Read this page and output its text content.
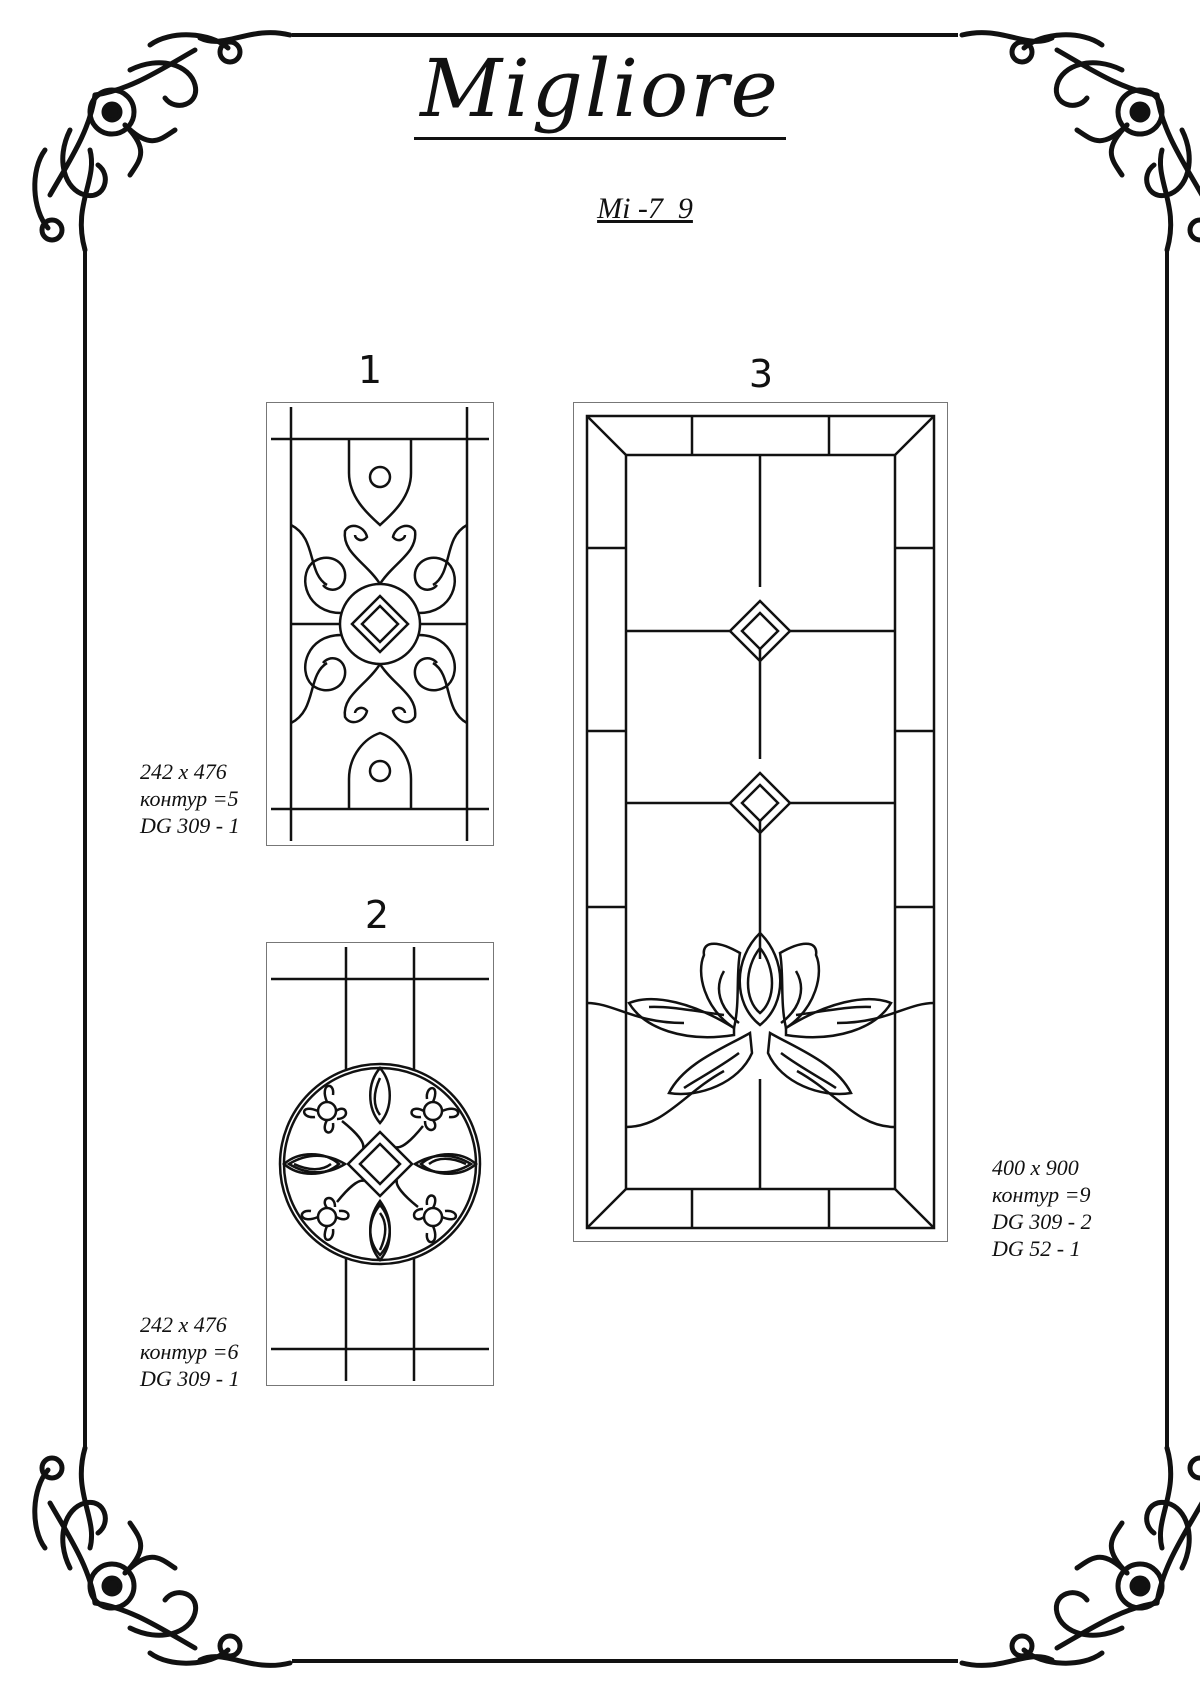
Migliore
Mi -7  9
1
242 x 476
контур =5
DG 309 - 1
2
242 x 476
контур =6
DG 309 - 1
3
400 x 900
контур =9
DG 309 - 2
DG 52 - 1
